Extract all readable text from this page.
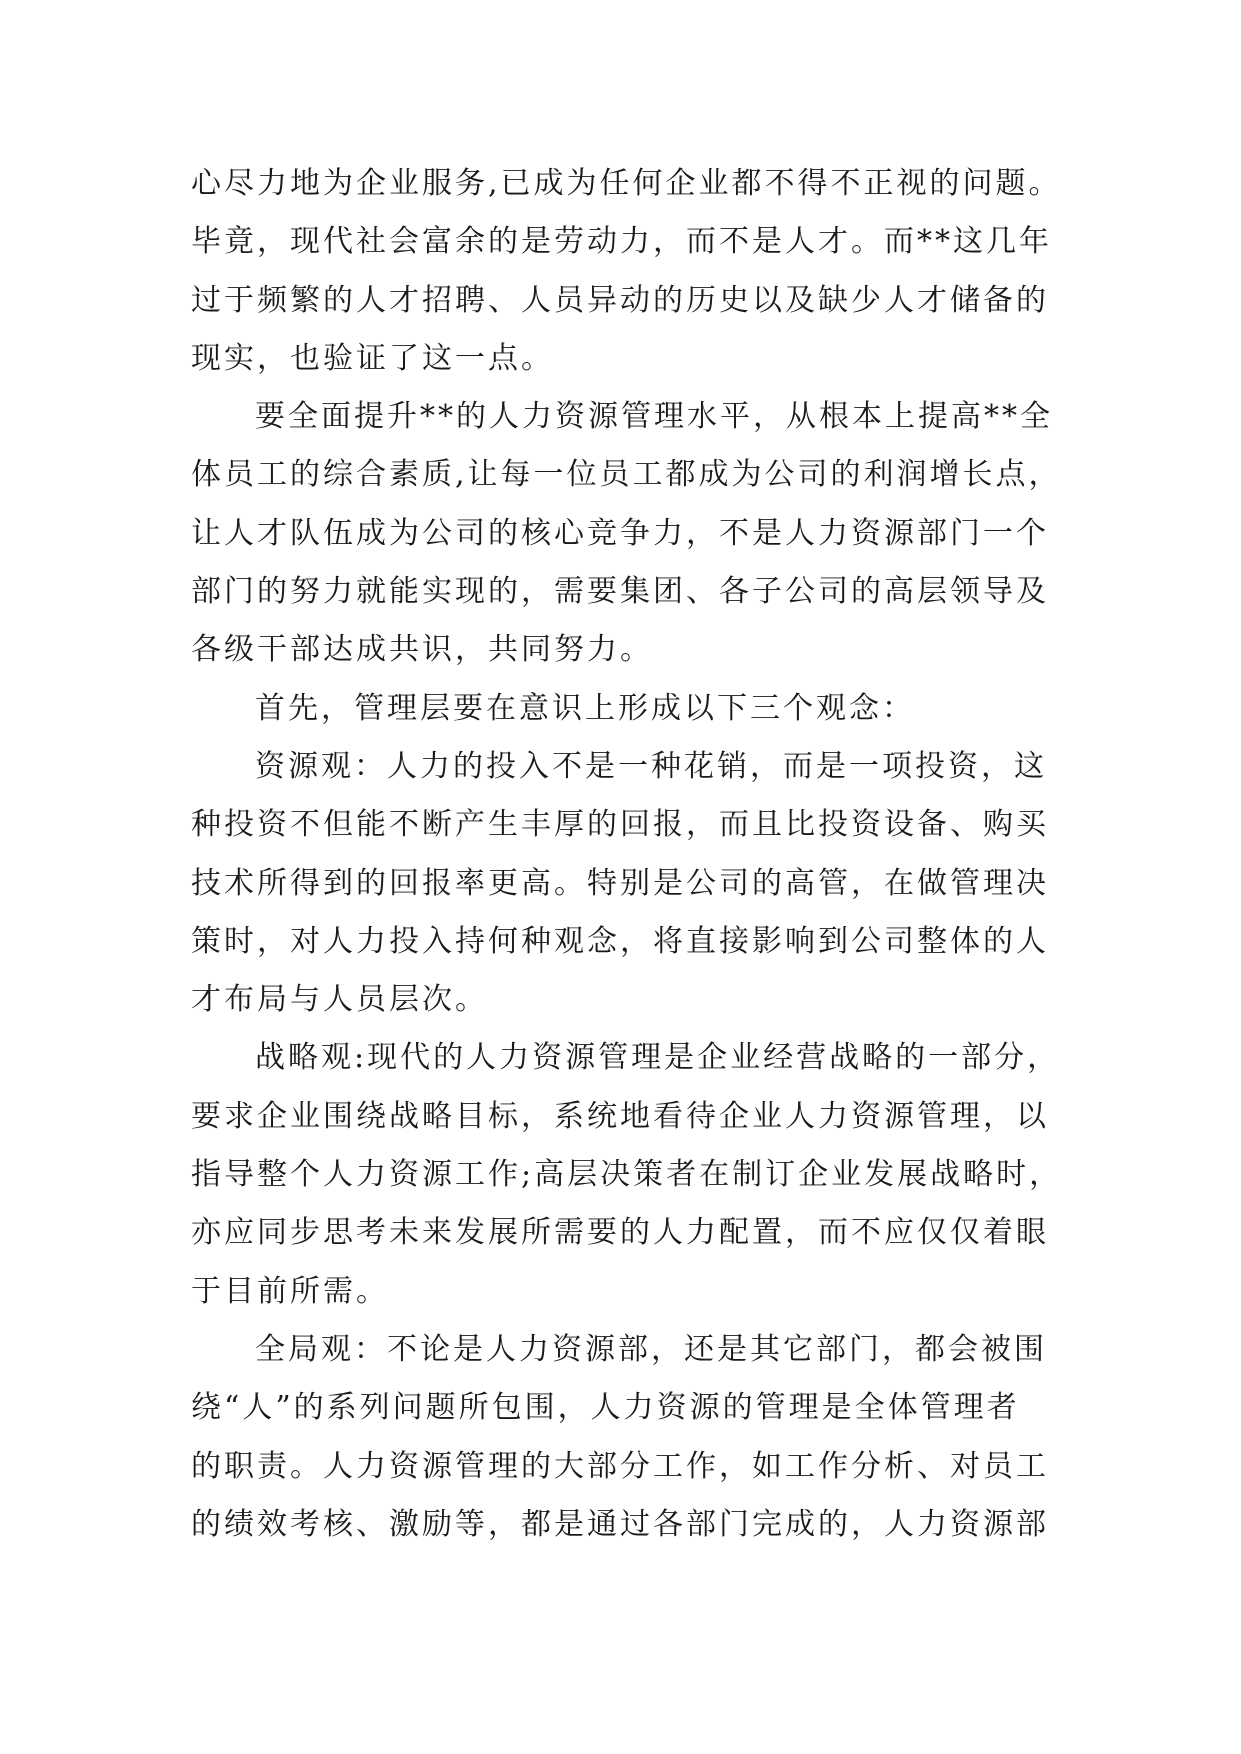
心尽力地为企业服务,已成为任何企业都不得不正视的问题。
毕竟，现代社会富余的是劳动力，而不是人才。而**这几年
过于频繁的人才招聘、人员异动的历史以及缺少人才储备的
现实，也验证了这一点。

要全面提升**的人力资源管理水平，从根本上提高**全
体员工的综合素质,让每一位员工都成为公司的利润增长点，
让人才队伍成为公司的核心竞争力，不是人力资源部门一个
部门的努力就能实现的，需要集团、各子公司的高层领导及
各级干部达成共识，共同努力。

首先，管理层要在意识上形成以下三个观念：

资源观：人力的投入不是一种花销，而是一项投资，这
种投资不但能不断产生丰厚的回报，而且比投资设备、购买
技术所得到的回报率更高。特别是公司的高管，在做管理决
策时，对人力投入持何种观念，将直接影响到公司整体的人
才布局与人员层次。

战略观:现代的人力资源管理是企业经营战略的一部分，
要求企业围绕战略目标，系统地看待企业人力资源管理，以
指导整个人力资源工作;高层决策者在制订企业发展战略时，
亦应同步思考未来发展所需要的人力配置，而不应仅仅着眼
于目前所需。

全局观：不论是人力资源部，还是其它部门，都会被围
绕“人”的系列问题所包围，人力资源的管理是全体管理者
的职责。人力资源管理的大部分工作，如工作分析、对员工
的绩效考核、激励等，都是通过各部门完成的，人力资源部
